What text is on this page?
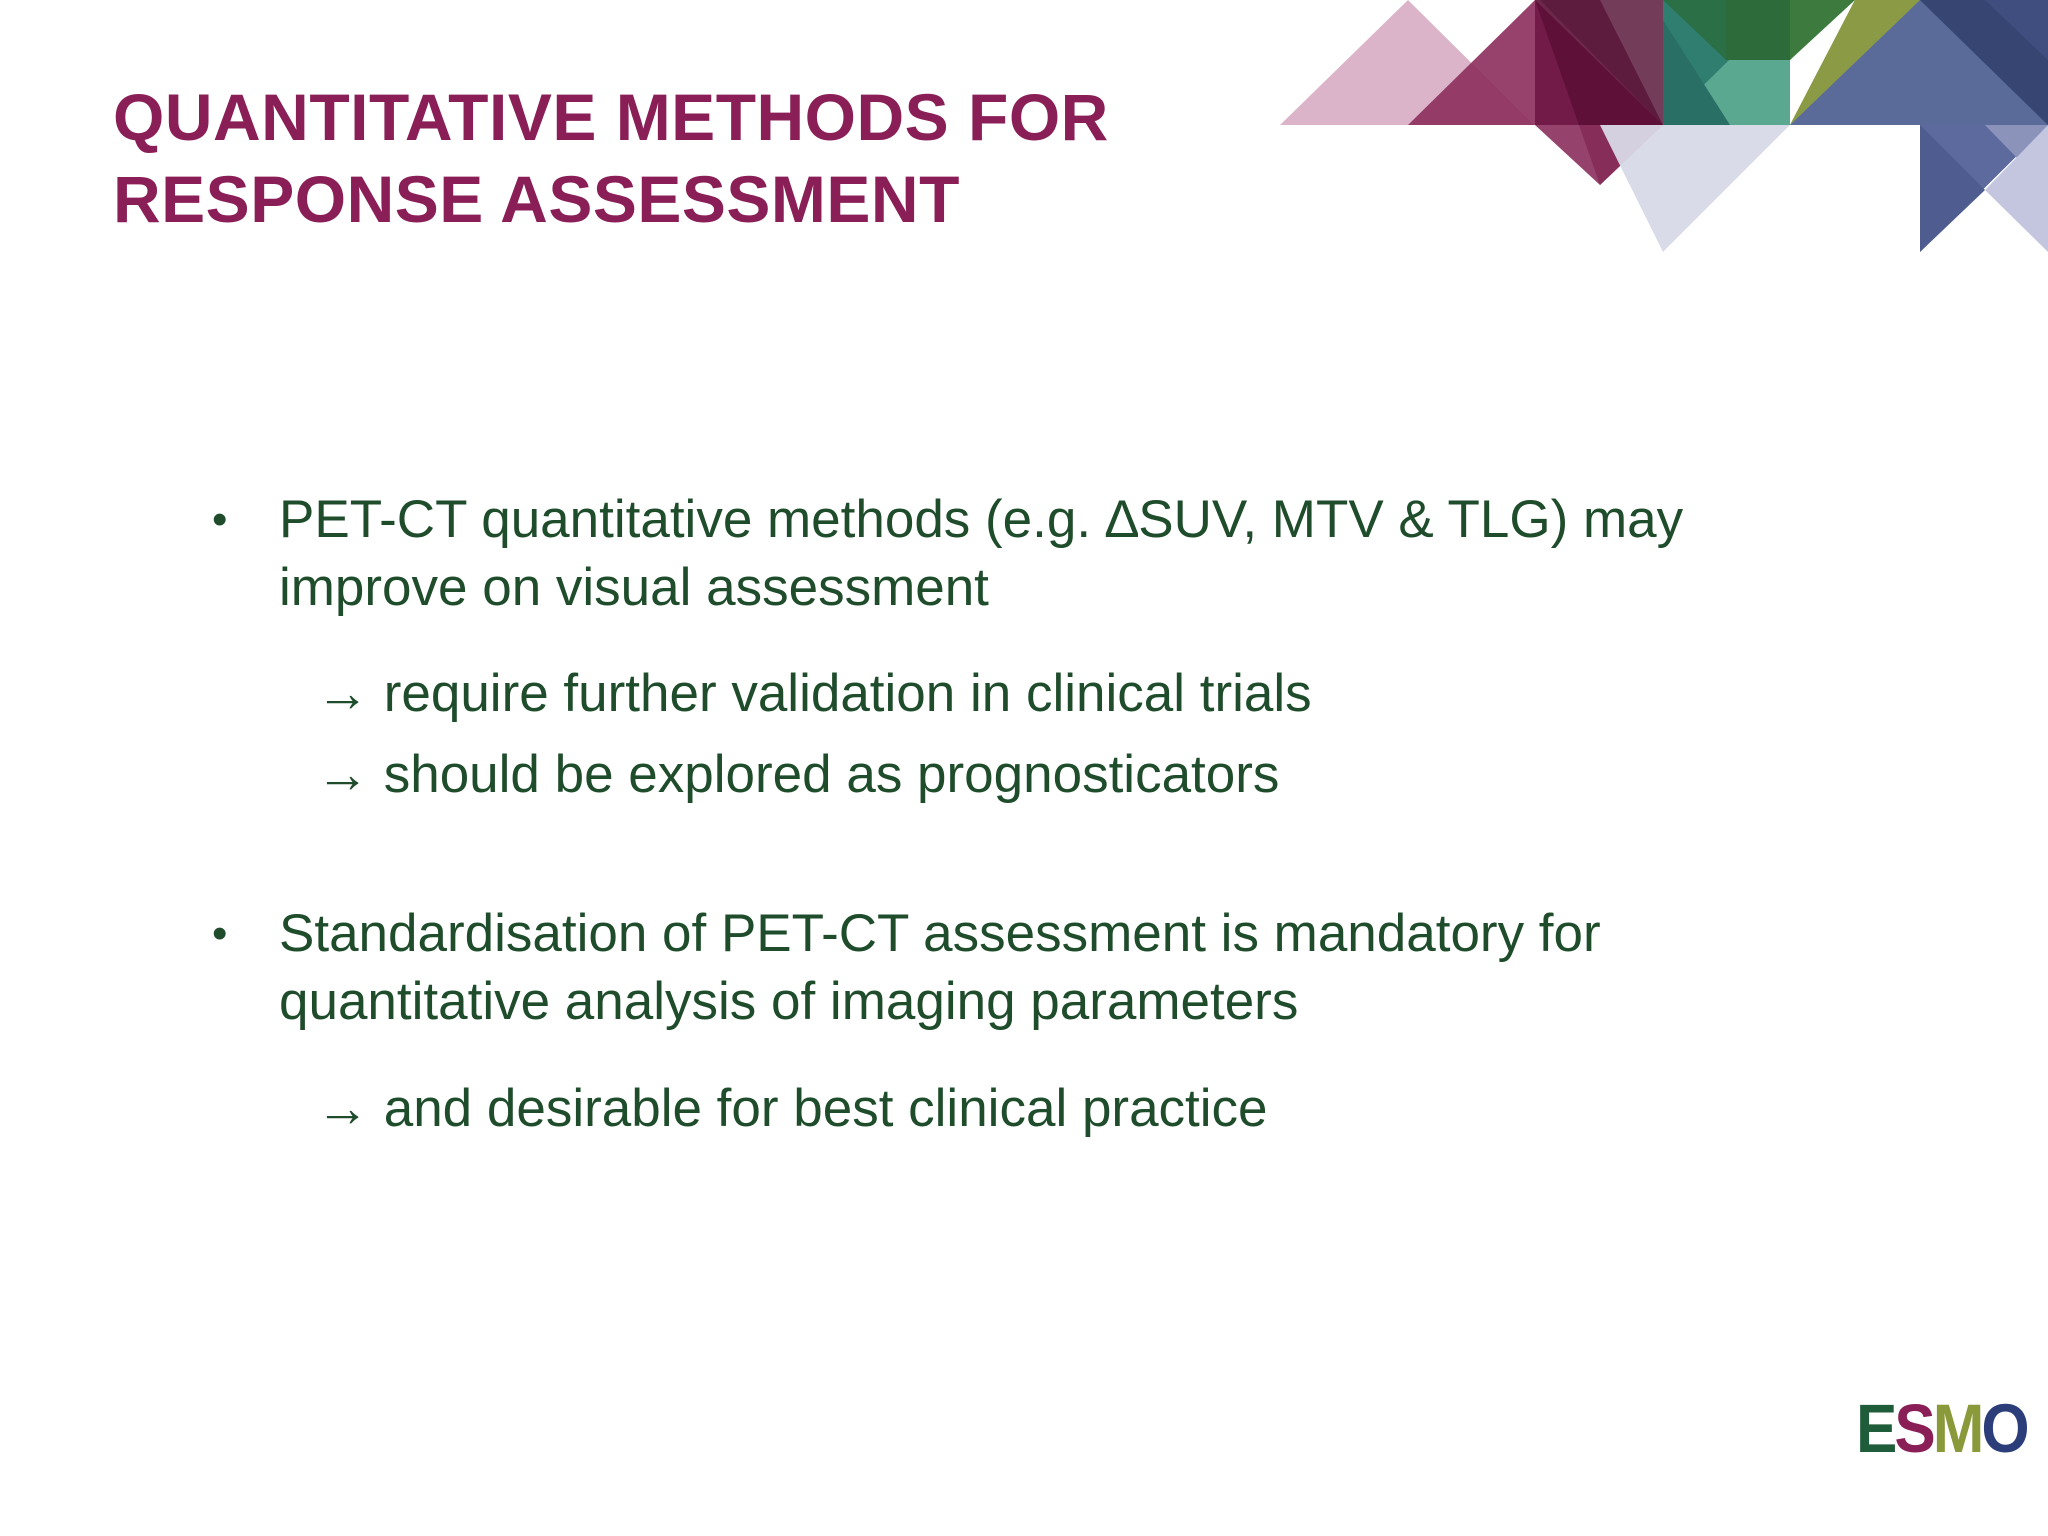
QUANTITATIVE METHODS FOR
RESPONSE ASSESSMENT
• PET-CT quantitative methods (e.g. ∆SUV, MTV & TLG) may
improve on visual assessment
→ require further validation in clinical trials
→ should be explored as prognosticators
• Standardisation of PET-CT assessment is mandatory for
quantitative analysis of imaging parameters
→ and desirable for best clinical practice
E S M O
